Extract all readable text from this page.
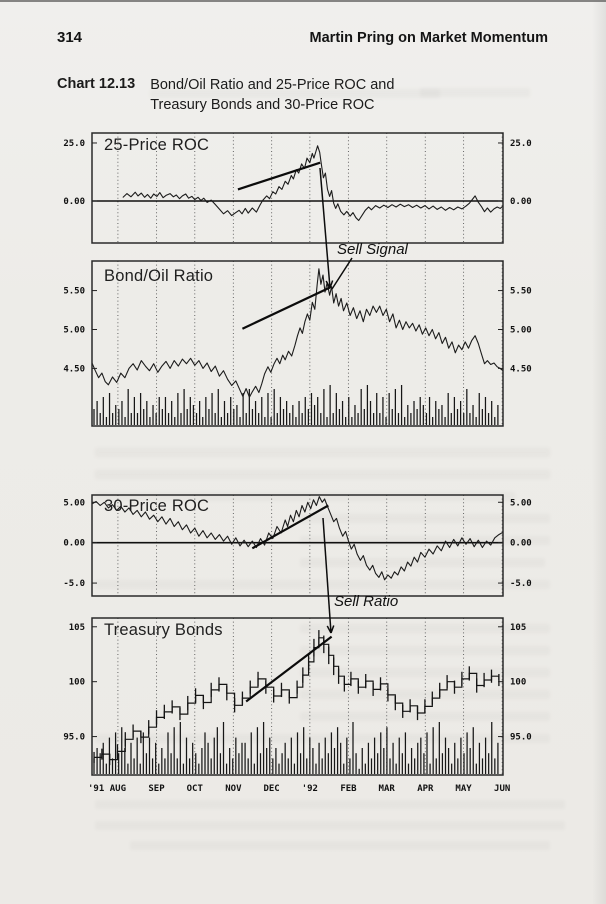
314	Martin Pring on Market Momentum
Chart 12.13 Bond/Oil Ratio and 25-Price ROC and
Treasury Bonds and 30-Price ROC
25.0	25.0
0.00	0.00
5.50	5.50
5.00	5.00
4.50	4.50
5.00	5.00
0.00	0.00
-5.0	-5.0
105	105
100	100
95.0	95.0
'91 AUG SEP OCT NOV DEC '92 FEB MAR APR MAY JUN
25-Price ROC
Bond/Oil Ratio
30-Price ROC
Treasury Bonds
Sell Signal
Sell Ratio
